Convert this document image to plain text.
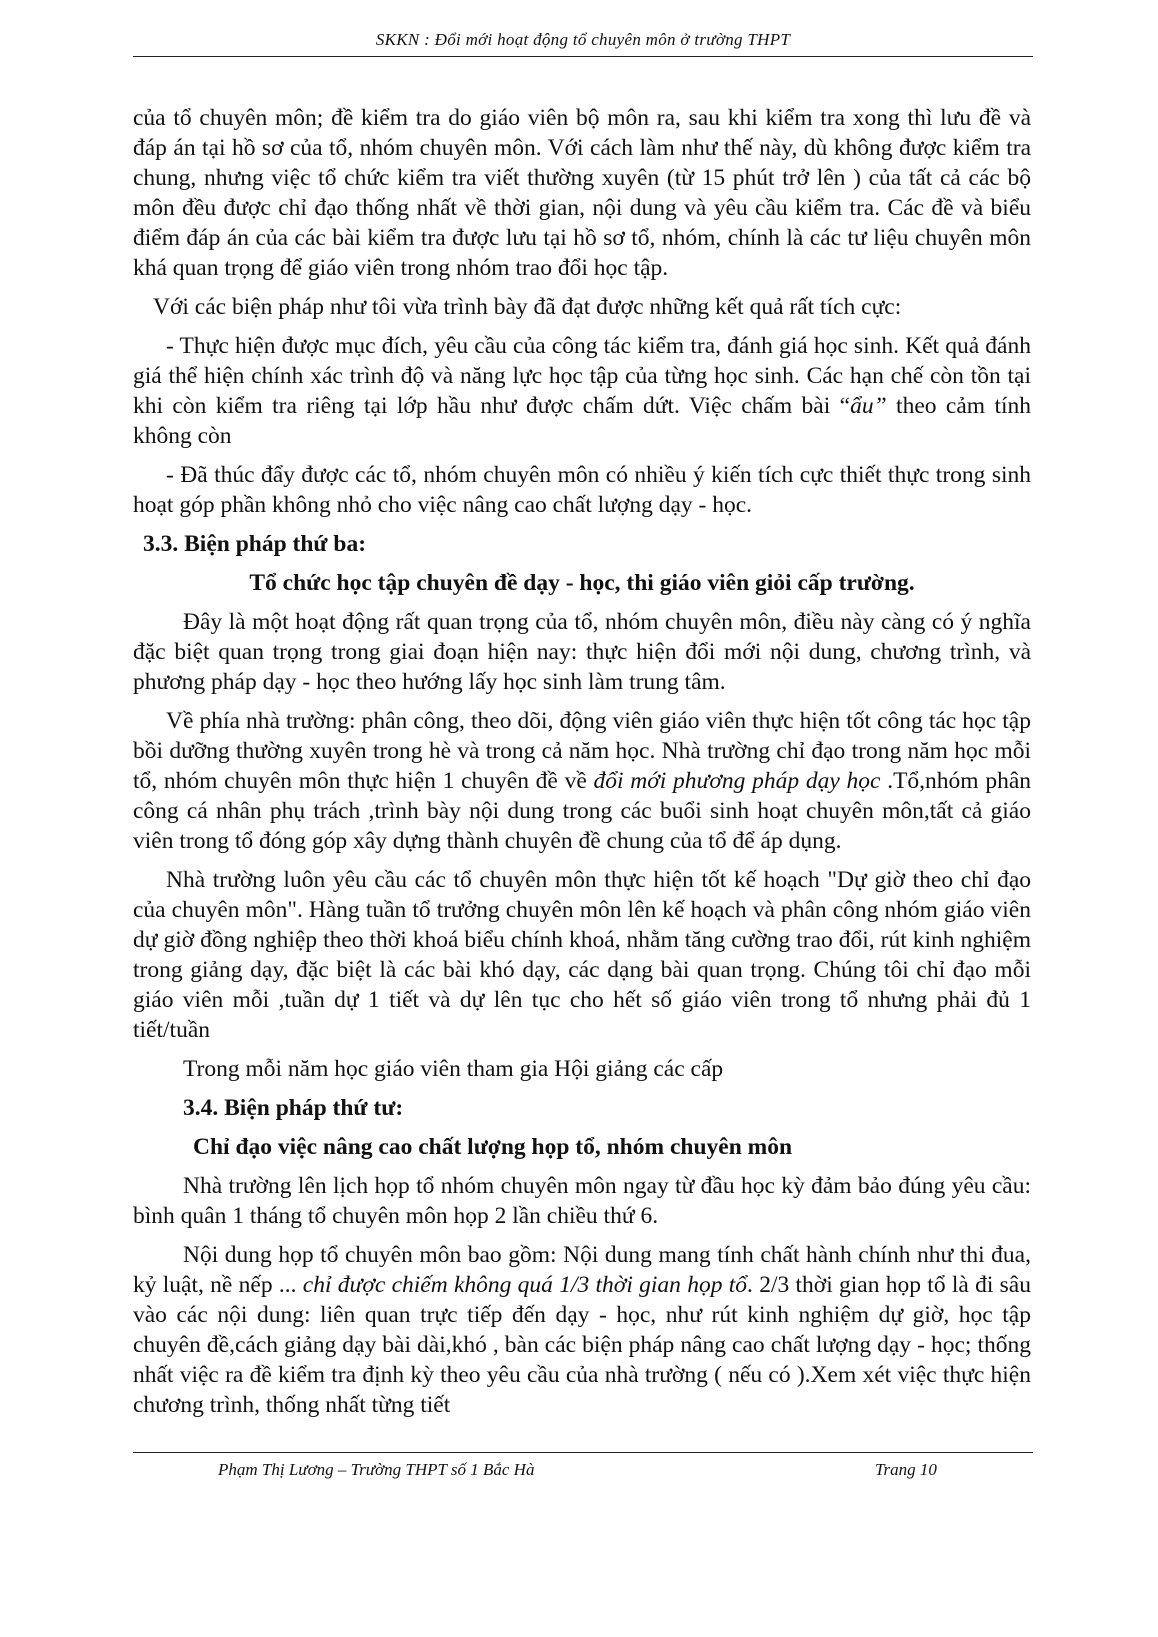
SKKN : Đổi mới hoạt động tổ chuyên môn ở trường THPT

của tổ chuyên môn; đề kiểm tra do giáo viên bộ môn ra, sau khi kiểm tra xong thì lưu đề và đáp án tại hồ sơ của tổ, nhóm chuyên môn. Với cách làm như thế này, dù không được kiểm tra chung, nhưng việc tổ chức kiểm tra viết thường xuyên (từ 15 phút trở lên ) của tất cả các bộ môn đều được chỉ đạo thống nhất về thời gian, nội dung và yêu cầu kiểm tra. Các đề và biểu điểm đáp án của các bài kiểm tra được lưu tại hồ sơ tổ, nhóm, chính là các tư liệu chuyên môn khá quan trọng để giáo viên trong nhóm trao đổi học tập.

Với các biện pháp như tôi vừa trình bày đã đạt được những kết quả rất tích cực:

- Thực hiện được mục đích, yêu cầu của công tác kiểm tra, đánh giá học sinh. Kết quả đánh giá thể hiện chính xác trình độ và năng lực học tập của từng học sinh. Các hạn chế còn tồn tại khi còn kiểm tra riêng tại lớp hầu như được chấm dứt. Việc chấm bài “ẩu” theo cảm tính không còn

- Đã thúc đẩy được các tổ, nhóm chuyên môn có nhiều ý kiến tích cực thiết thực trong sinh hoạt góp phần không nhỏ cho việc nâng cao chất lượng dạy - học.

3.3. Biện pháp thứ ba:

Tổ chức học tập chuyên đề dạy - học, thi giáo viên giỏi cấp trường.

Đây là một hoạt động rất quan trọng của tổ, nhóm chuyên môn, điều này càng có ý nghĩa đặc biệt quan trọng trong giai đoạn hiện nay: thực hiện đổi mới nội dung, chương trình, và phương pháp dạy - học theo hướng lấy học sinh làm trung tâm.

Về phía nhà trường: phân công, theo dõi, động viên giáo viên thực hiện tốt công tác học tập bồi dưỡng thường xuyên trong hè và trong cả năm học. Nhà trường chỉ đạo trong năm học mỗi tổ, nhóm chuyên môn thực hiện 1 chuyên đề về đổi mới phương pháp dạy học .Tổ,nhóm phân công cá nhân phụ trách ,trình bày nội dung trong các buổi sinh hoạt chuyên môn,tất cả giáo viên trong tổ đóng góp xây dựng thành chuyên đề chung của tổ để áp dụng.

Nhà trường luôn yêu cầu các tổ chuyên môn thực hiện tốt kế hoạch "Dự giờ theo chỉ đạo của chuyên môn". Hàng tuần tổ trưởng chuyên môn lên kế hoạch và phân công nhóm giáo viên dự giờ đồng nghiệp theo thời khoá biểu chính khoá, nhằm tăng cường trao đổi, rút kinh nghiệm trong giảng dạy, đặc biệt là các bài khó dạy, các dạng bài quan trọng. Chúng tôi chỉ đạo mỗi giáo viên mỗi ,tuần dự 1 tiết và dự lên tục cho hết số giáo viên trong tổ nhưng phải đủ 1 tiết/tuần

Trong mỗi năm học giáo viên tham gia Hội giảng các cấp

3.4. Biện pháp thứ tư:

Chỉ đạo việc nâng cao chất lượng họp tổ, nhóm chuyên môn

Nhà trường lên lịch họp tổ nhóm chuyên môn ngay từ đầu học kỳ đảm bảo đúng yêu cầu: bình quân 1 tháng tổ chuyên môn họp 2 lần chiều thứ 6.

Nội dung họp tổ chuyên môn bao gồm: Nội dung mang tính chất hành chính như thi đua, kỷ luật, nề nếp ... chỉ được chiếm không quá 1/3 thời gian họp tổ. 2/3 thời gian họp tổ là đi sâu vào các nội dung: liên quan trực tiếp đến dạy - học, như rút kinh nghiệm dự giờ, học tập chuyên đề,cách giảng dạy bài dài,khó , bàn các biện pháp nâng cao chất lượng dạy - học; thống nhất việc ra đề kiểm tra định kỳ theo yêu cầu của nhà trường ( nếu có ).Xem xét việc thực hiện chương trình, thống nhất từng tiết

Phạm Thị Lương – Trường THPT số 1 Bắc Hà	Trang 10
